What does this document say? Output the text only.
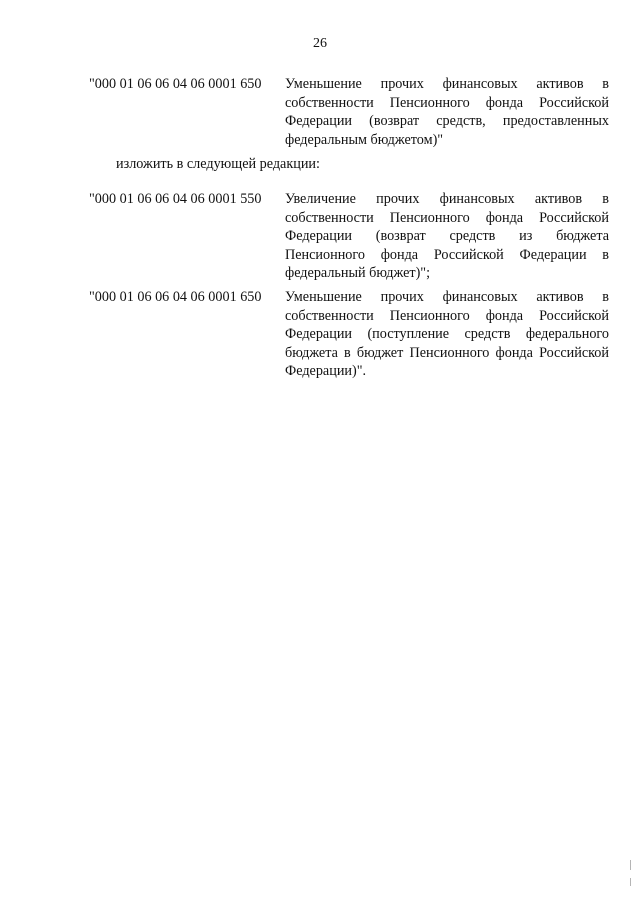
26
"000 01 06 06 04 06 0001 650	Уменьшение прочих финансовых активов в собственности Пенсионного фонда Российской Федерации (возврат средств, предоставленных федеральным бюджетом)"
изложить в следующей редакции:
"000 01 06 06 04 06 0001 550	Увеличение прочих финансовых активов в собственности Пенсионного фонда Российской Федерации (возврат средств из бюджета Пенсионного фонда Российской Федерации в федеральный бюджет)";
"000 01 06 06 04 06 0001 650	Уменьшение прочих финансовых активов в собственности Пенсионного фонда Российской Федерации (поступление средств федерального бюджета в бюджет Пенсионного фонда Российской Федерации)".
